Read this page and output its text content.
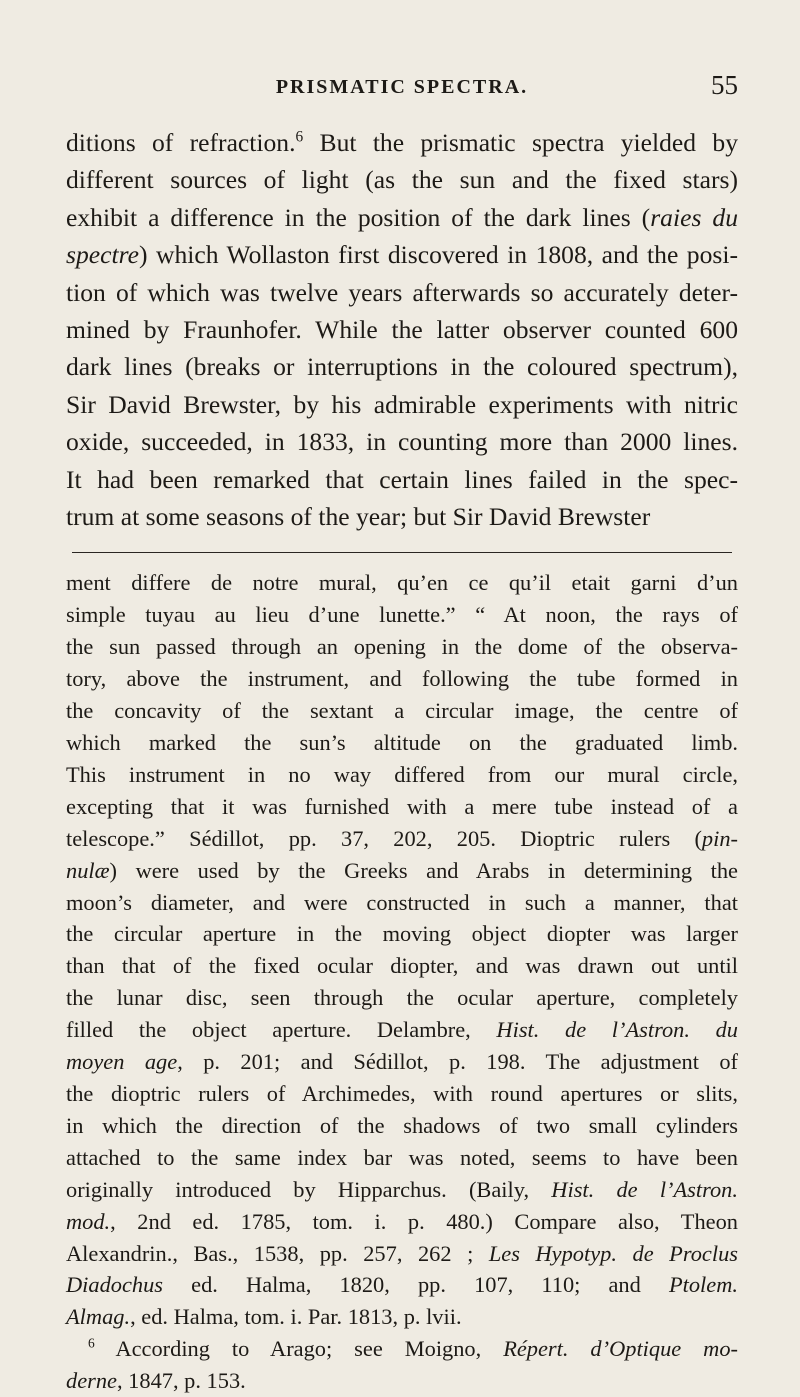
PRISMATIC SPECTRA.	55
ditions of refraction.$^6$ But the prismatic spectra yielded by
different sources of light (as the sun and the fixed stars)
exhibit a difference in the position of the dark lines (raies du
spectre) which Wollaston first discovered in 1808, and the posi-
tion of which was twelve years afterwards so accurately deter-
mined by Fraunhofer. While the latter observer counted 600
dark lines (breaks or interruptions in the coloured spectrum),
Sir David Brewster, by his admirable experiments with nitric
oxide, succeeded, in 1833, in counting more than 2000 lines.
It had been remarked that certain lines failed in the spec-
trum at some seasons of the year; but Sir David Brewster
ment differe de notre mural, qu’en ce qu’il etait garni d’un
simple tuyau au lieu d’une lunette.” “ At noon, the rays of
the sun passed through an opening in the dome of the observa-
tory, above the instrument, and following the tube formed in
the concavity of the sextant a circular image, the centre of
which marked the sun’s altitude on the graduated limb.
This instrument in no way differed from our mural circle,
excepting that it was furnished with a mere tube instead of a
telescope.” Sédillot, pp. 37, 202, 205. Dioptric rulers (pin-
nulæ) were used by the Greeks and Arabs in determining the
moon’s diameter, and were constructed in such a manner, that
the circular aperture in the moving object diopter was larger
than that of the fixed ocular diopter, and was drawn out until
the lunar disc, seen through the ocular aperture, completely
filled the object aperture. Delambre, Hist. de l’Astron. du
moyen age, p. 201; and Sédillot, p. 198. The adjustment of
the dioptric rulers of Archimedes, with round apertures or slits,
in which the direction of the shadows of two small cylinders
attached to the same index bar was noted, seems to have been
originally introduced by Hipparchus. (Baily, Hist. de l’Astron.
mod., 2nd ed. 1785, tom. i. p. 480.) Compare also, Theon
Alexandrin., Bas., 1538, pp. 257, 262 ; Les Hypotyp. de Proclus
Diadochus ed. Halma, 1820, pp. 107, 110; and Ptolem.
Almag., ed. Halma, tom. i. Par. 1813, p. lvii.
$^6$ According to Arago; see Moigno, Répert. d’Optique mo-
derne, 1847, p. 153.
